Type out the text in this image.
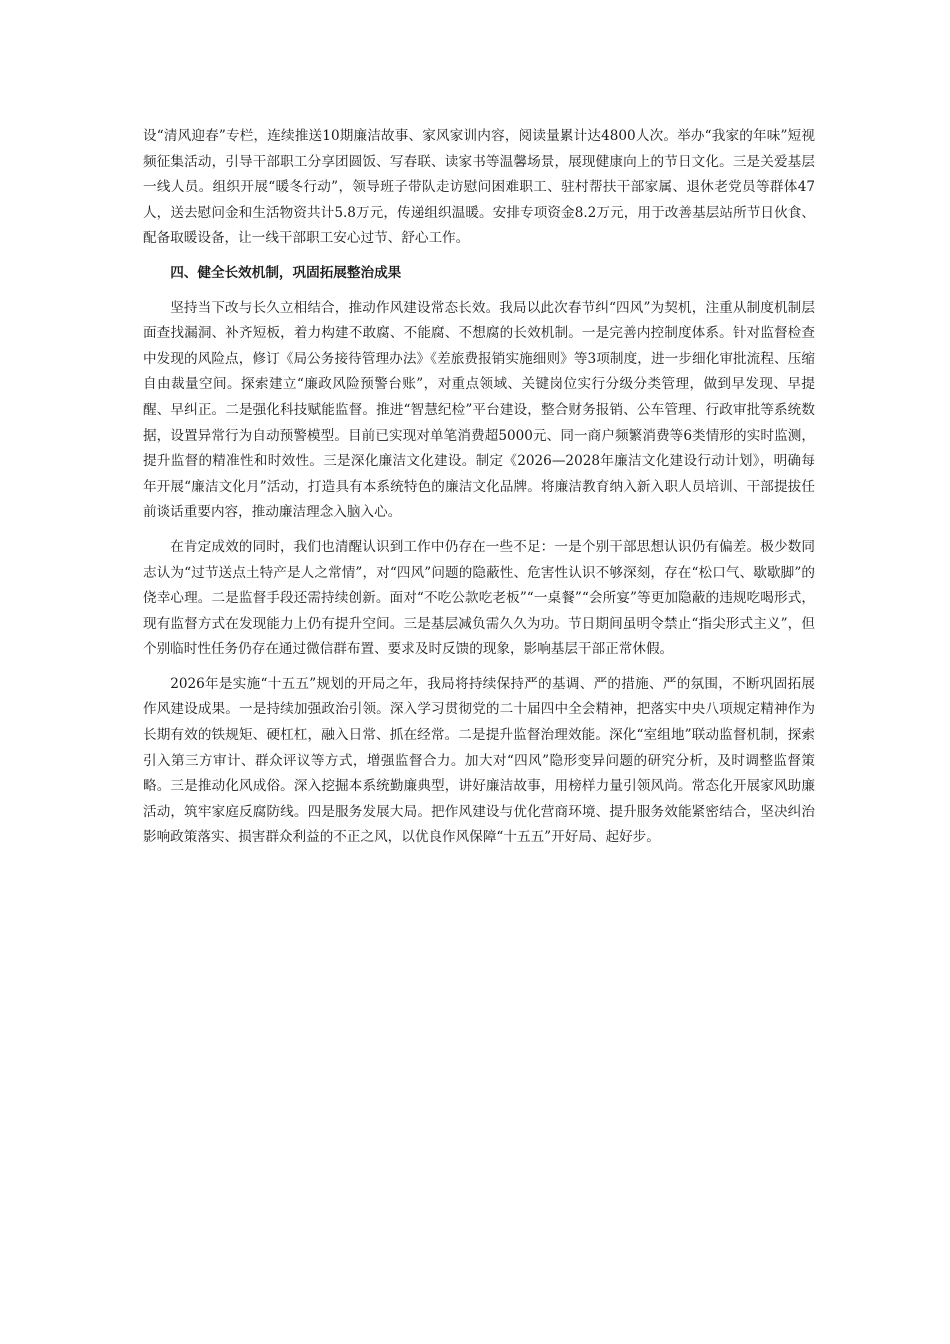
设“清风迎春”专栏，连续推送10期廉洁故事、家风家训内容，阅读量累计达4800人次。举办“我家的年味”短视频征集活动，引导干部职工分享团圆饭、写春联、读家书等温馨场景，展现健康向上的节日文化。三是关爱基层一线人员。组织开展“暖冬行动”，领导班子带队走访慰问困难职工、驻村帮扶干部家属、退休老党员等群体47人，送去慰问金和生活物资共计5.8万元，传递组织温暖。安排专项资金8.2万元，用于改善基层站所节日伙食、配备取暖设备，让一线干部职工安心过节、舒心工作。

四、健全长效机制，巩固拓展整治成果

坚持当下改与长久立相结合，推动作风建设常态长效。我局以此次春节纠“四风”为契机，注重从制度机制层面查找漏洞、补齐短板，着力构建不敢腐、不能腐、不想腐的长效机制。一是完善内控制度体系。针对监督检查中发现的风险点，修订《局公务接待管理办法》《差旅费报销实施细则》等3项制度，进一步细化审批流程、压缩自由裁量空间。探索建立“廉政风险预警台账”，对重点领域、关键岗位实行分级分类管理，做到早发现、早提醒、早纠正。二是强化科技赋能监督。推进“智慧纪检”平台建设，整合财务报销、公车管理、行政审批等系统数据，设置异常行为自动预警模型。目前已实现对单笔消费超5000元、同一商户频繁消费等6类情形的实时监测，提升监督的精准性和时效性。三是深化廉洁文化建设。制定《2026—2028年廉洁文化建设行动计划》，明确每年开展“廉洁文化月”活动，打造具有本系统特色的廉洁文化品牌。将廉洁教育纳入新入职人员培训、干部提拔任前谈话重要内容，推动廉洁理念入脑入心。

在肯定成效的同时，我们也清醒认识到工作中仍存在一些不足：一是个别干部思想认识仍有偏差。极少数同志认为“过节送点土特产是人之常情”，对“四风”问题的隐蔽性、危害性认识不够深刻，存在“松口气、歇歇脚”的侥幸心理。二是监督手段还需持续创新。面对“不吃公款吃老板”“一桌餐”“会所宴”等更加隐蔽的违规吃喝形式，现有监督方式在发现能力上仍有提升空间。三是基层减负需久久为功。节日期间虽明令禁止“指尖形式主义”，但个别临时性任务仍存在通过微信群布置、要求及时反馈的现象，影响基层干部正常休假。

2026年是实施“十五五”规划的开局之年，我局将持续保持严的基调、严的措施、严的氛围，不断巩固拓展作风建设成果。一是持续加强政治引领。深入学习贯彻党的二十届四中全会精神，把落实中央八项规定精神作为长期有效的铁规矩、硬杠杠，融入日常、抓在经常。二是提升监督治理效能。深化“室组地”联动监督机制，探索引入第三方审计、群众评议等方式，增强监督合力。加大对“四风”隐形变异问题的研究分析，及时调整监督策略。三是推动化风成俗。深入挖掘本系统勤廉典型，讲好廉洁故事，用榜样力量引领风尚。常态化开展家风助廉活动，筑牢家庭反腐防线。四是服务发展大局。把作风建设与优化营商环境、提升服务效能紧密结合，坚决纠治影响政策落实、损害群众利益的不正之风，以优良作风保障“十五五”开好局、起好步。
